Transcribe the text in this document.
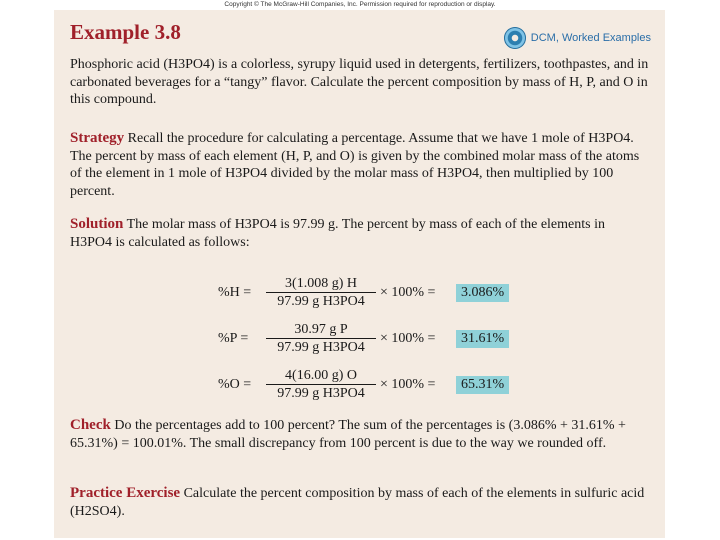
Copyright © The McGraw-Hill Companies, Inc. Permission required for reproduction or display.
Example 3.8	DCM, Worked Examples
Phosphoric acid (H3PO4) is a colorless, syrupy liquid used in detergents, fertilizers, toothpastes, and in carbonated beverages for a “tangy” flavor. Calculate the percent composition by mass of H, P, and O in this compound.
Strategy Recall the procedure for calculating a percentage. Assume that we have 1 mole of H3PO4. The percent by mass of each element (H, P, and O) is given by the combined molar mass of the atoms of the element in 1 mole of H3PO4 divided by the molar mass of H3PO4, then multiplied by 100 percent.
Solution The molar mass of H3PO4 is 97.99 g. The percent by mass of each of the elements in H3PO4 is calculated as follows:
%H =	$\frac{3(1.008 g) H}{\text{97.99 g H3PO4}} \times 100\%$ =	3.086%
%P =	$\frac{\text{30.97 g P}}{\text{97.99 g H3PO4}} \times 100\%$ =	31.61%
%O =	$\frac{4(16.00 g) O}{\text{97.99 g H3PO4}} \times 100\%$ =	65.31%
Check Do the percentages add to 100 percent? The sum of the percentages is (3.086% + 31.61% + 65.31%) = 100.01%. The small discrepancy from 100 percent is due to the way we rounded off.
Practice Exercise Calculate the percent composition by mass of each of the elements in sulfuric acid (H2SO4).
